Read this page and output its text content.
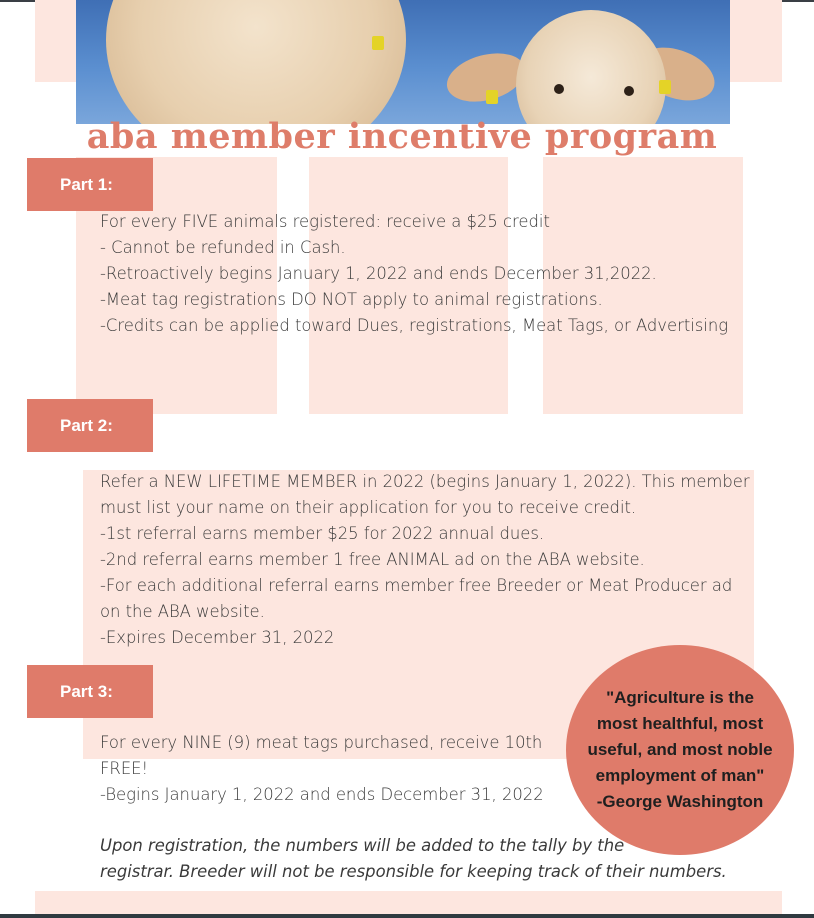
aba member incentive program
Part 1:
For every FIVE animals registered: receive a $25 credit
- Cannot be refunded in Cash.
-Retroactively begins January 1, 2022 and ends December 31,2022.
-Meat tag registrations DO NOT apply to animal registrations.
-Credits can be applied toward Dues, registrations, Meat Tags, or Advertising
Part 2:
Refer a NEW LIFETIME MEMBER in 2022 (begins January 1, 2022). This member
must list your name on their application for you to receive credit.
-1st referral earns member $25 for 2022 annual dues.
-2nd referral earns member 1 free ANIMAL ad on the ABA website.
-For each additional referral earns member free Breeder or Meat Producer ad
on the ABA website.
-Expires December 31, 2022
Part 3:
For every NINE (9) meat tags purchased, receive 10th
FREE!
-Begins January 1, 2022 and ends December 31, 2022
Upon registration, the numbers will be added to the tally by the
registrar. Breeder will not be responsible for keeping track of their numbers.
"Agriculture is the
most healthful, most
useful, and most noble
employment of man"
-George Washington
